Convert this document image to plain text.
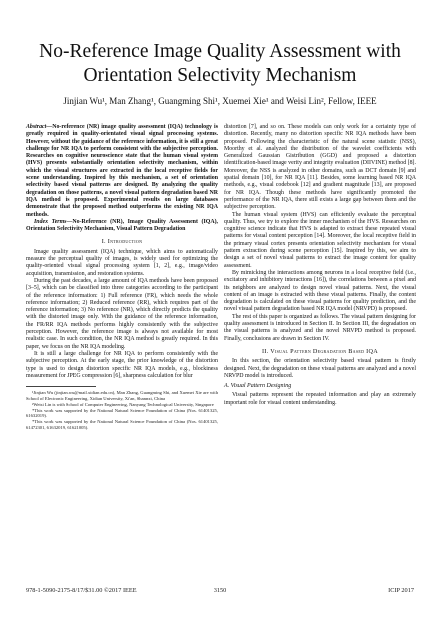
No-Reference Image Quality Assessment with
Orientation Selectivity Mechanism
Jinjian Wu¹, Man Zhang¹, Guangming Shi¹, Xuemei Xie¹ and Weisi Lin², Fellow, IEEE

Abstract—No-reference (NR) image quality assessment (IQA) technology is greatly required in quality-orientated visual signal processing systems. However, without the guidance of the reference information, it is still a great challenge for NR IQA to perform consistent with the subjective perception. Researches on cognitive neuroscience state that the human visual system (HVS) presents substantially orientation selectivity mechanism, within which the visual structures are extracted in the local receptive fields for scene understanding. Inspired by this mechanism, a set of orientation selectivity based visual patterns are designed. By analyzing the quality degradation on those patterns, a novel visual pattern degradation based NR IQA method is proposed. Experimental results on large databases demonstrate that the proposed method outperforms the existing NR IQA methods.

Index Terms—No-Reference (NR), Image Quality Assessment (IQA), Orientation Selectivity Mechanism, Visual Pattern Degradation

I. Introduction

Image quality assessment (IQA) technique, which aims to automatically measure the perceptual quality of images, is widely used for optimizing the quality-oriented visual signal processing system [1, 2], e.g., image/video acquisition, transmission, and restoration systems.

During the past decades, a large amount of IQA methods have been proposed [3–5], which can be classified into three categories according to the participant of the reference information: 1) Full reference (FR), which needs the whole reference information; 2) Reduced reference (RR), which requires part of the reference information; 3) No reference (NR), which directly predicts the quality with the distorted image only. With the guidance of the reference information, the FR/RR IQA methods performs highly consistently with the subjective perception. However, the reference image is always not available for most realistic case. In such condition, the NR IQA method is greatly required. In this paper, we focus on the NR IQA modeling.

It is still a large challenge for NR IQA to perform consistently with the subjective perception. At the early stage, the prior knowledge of the distortion type is used to design distortion specific NR IQA models, e.g., blockiness measurement for JPEG compression [6], sharpness calculation for blur

¹Jinjian Wu (jinjian.wu@mail.xidian.edu.cn), Man Zhang, Guangming Shi, and Xuemei Xie are with School of Electronic Engineering, Xidian University, Xi'an, Shannxi, China

²Weisi Lin is with School of Computer Engineering, Nanyang Technological University, Singapore

*This work was supported by the National Natural Science Foundation of China (Nos. 61401325, 61632019).

*This work was supported by the National Natural Science Foundation of China (Nos. 61401325, 61472301, 61632019, 61621005).

distortion [7], and so on. These models can only work for a certainty type of distortion. Recently, many no distortion specific NR IQA methods have been proposed. Following the characteristic of the natural scene statistic (NSS), Moorthy et al. analyzed the distribution of the wavelet coefficients with Generalized Gaussian Gistribution (GGD) and proposed a distortion identification-based image verity and integrity evaluation (DIIVINE) method [8]. Moreover, the NSS is analyzed in other domains, such as DCT domain [9] and spatial domain [10], for NR IQA [11]. Besides, some learning based NR IQA methods, e.g., visual codebook [12] and gradient magnitude [13], are proposed for NR IQA. Though these methods have significantly promoted the performance of the NR IQA, there still exists a large gap between them and the subjective perception.

The human visual system (HVS) can efficiently evaluate the perceptual quality. Thus, we try to explore the inner mechanism of the HVS. Researches on cognitive science indicate that HVS is adapted to extract these repeated visual patterns for visual content perception [14]. Moreover, the local receptive field in the primary visual cortex presents orientation selectivity mechanism for visual pattern extraction during scene perception [15]. Inspired by this, we aim to design a set of novel visual patterns to extract the image content for quality assessment.

By mimicking the interactions among neurons in a local receptive field (i.e., excitatory and inhibitory interactions [16]), the correlations between a pixel and its neighbors are analyzed to design novel visual patterns. Next, the visual content of an image is extracted with these visual patterns. Finally, the content degradation is calculated on these visual patterns for quality prediction, and the novel visual pattern degradation based NR IQA model (NRVPD) is proposed.

The rest of this paper is organized as follows. The visual pattern designing for quality assessment is introduced in Section II. In Section III, the degradation on the visual patterns is analyzed and the novel NRVPD method is proposed. Finally, conclusions are drawn in Section IV.

II. Visual Pattern Degradation Based IQA

In this section, the orientation selectivity based visual pattern is firstly designed. Next, the degradation on these visual patterns are analyzed and a novel NRVPD model is introduced.

A. Visual Pattern Designing

Visual patterns represent the repeated information and play an extremely important role for visual content understanding.

978-1-5090-2175-8/17/$31.00 ©2017 IEEE	3150	ICIP 2017
